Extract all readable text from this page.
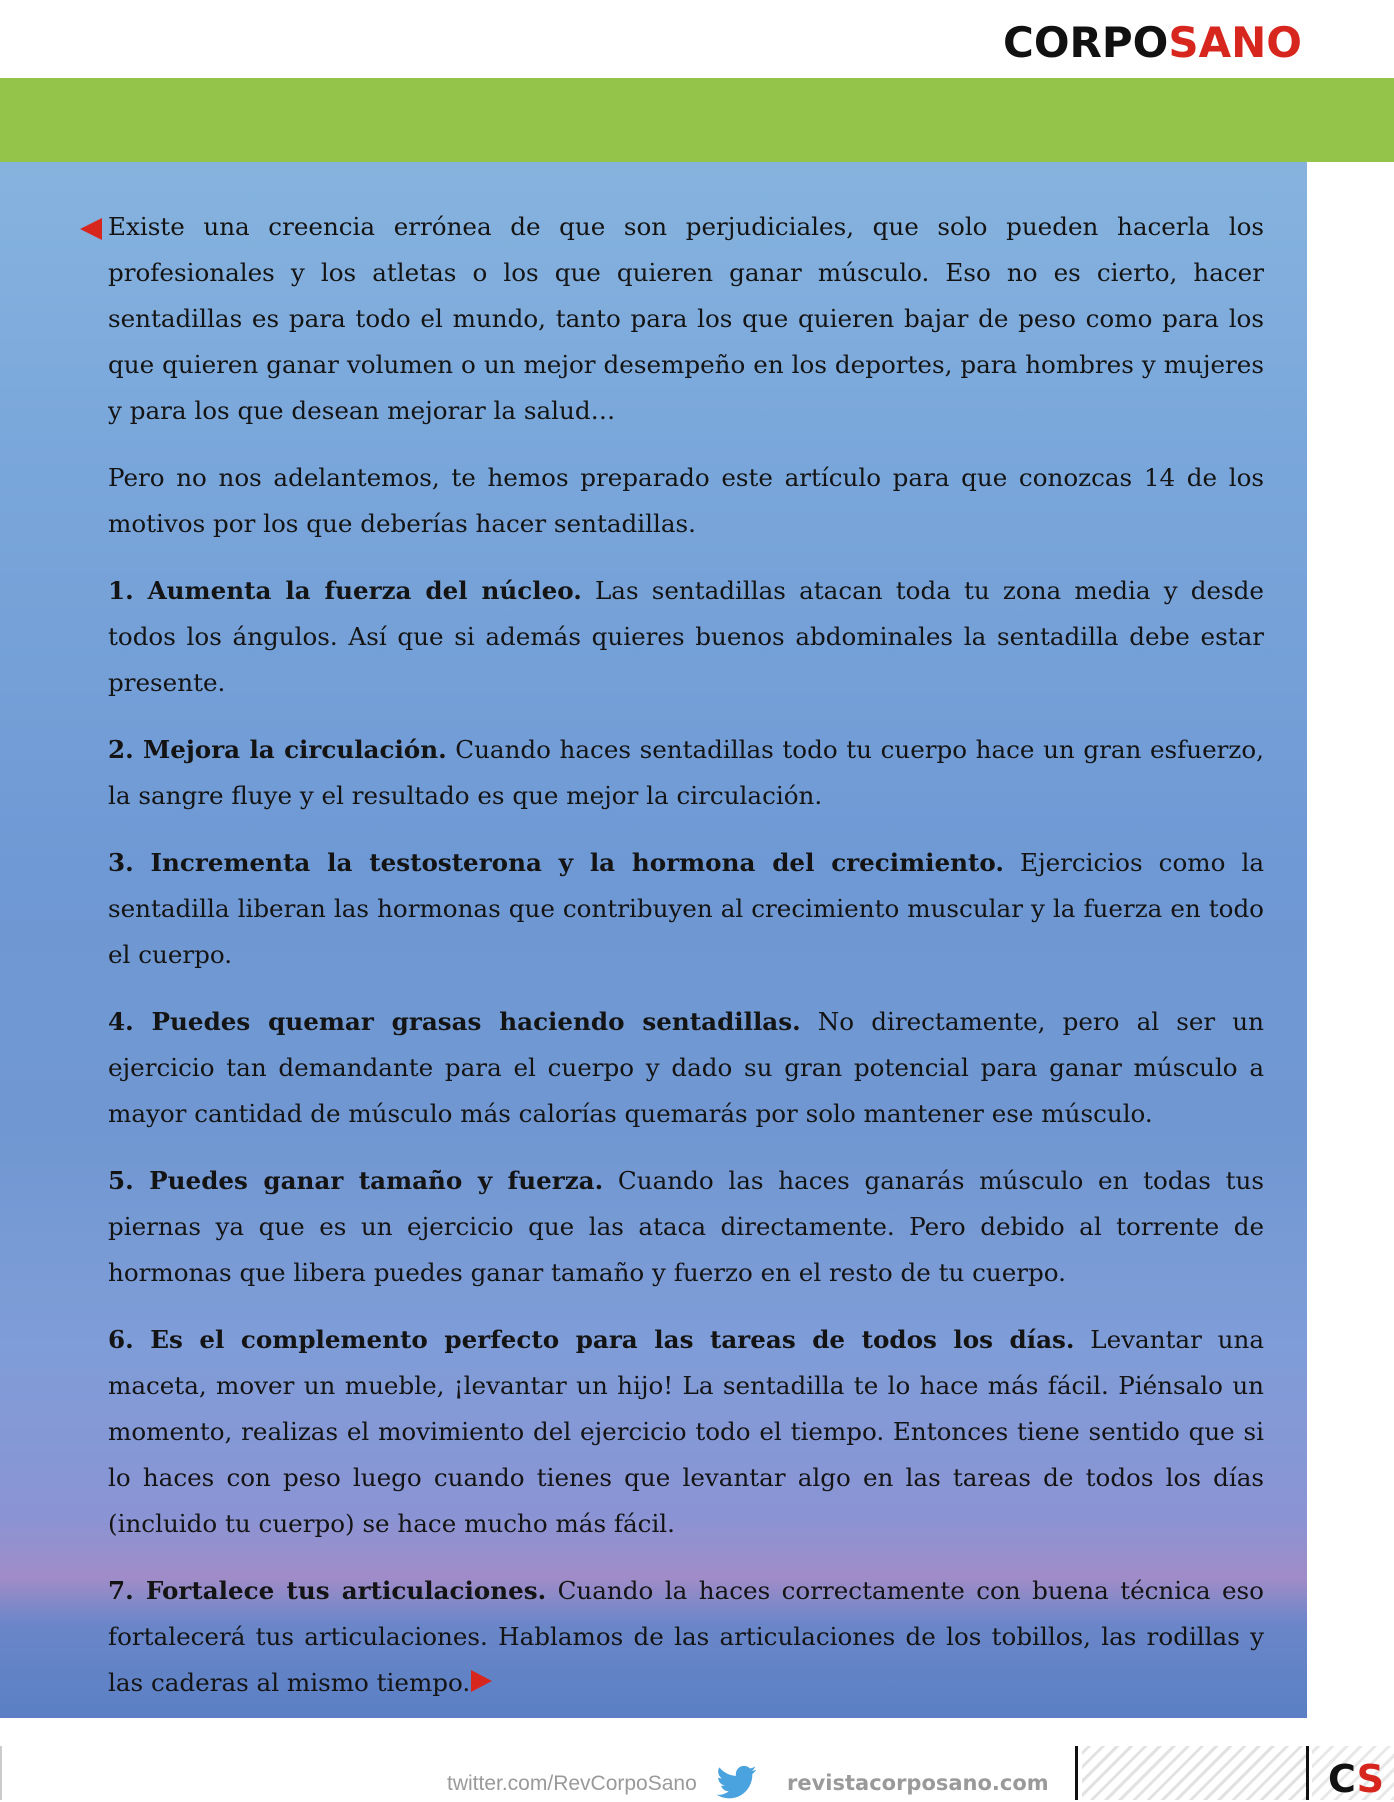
CORPOSANO

Existe una creencia errónea de que son perjudiciales, que solo pueden hacerla los profesionales y los atletas o los que quieren ganar músculo. Eso no es cierto, hacer sentadillas es para todo el mundo, tanto para los que quieren bajar de peso como para los que quieren ganar volumen o un mejor desempeño en los deportes, para hombres y mujeres y para los que desean mejorar la salud…

Pero no nos adelantemos, te hemos preparado este artículo para que conozcas 14 de los motivos por los que deberías hacer sentadillas.

1. Aumenta la fuerza del núcleo. Las sentadillas atacan toda tu zona media y desde todos los ángulos. Así que si además quieres buenos abdominales la sentadilla debe estar presente.

2. Mejora la circulación. Cuando haces sentadillas todo tu cuerpo hace un gran esfuerzo, la sangre fluye y el resultado es que mejor la circulación.

3. Incrementa la testosterona y la hormona del crecimiento. Ejercicios como la sentadilla liberan las hormonas que contribuyen al crecimiento muscular y la fuerza en todo el cuerpo.

4. Puedes quemar grasas haciendo sentadillas. No directamente, pero al ser un ejercicio tan demandante para el cuerpo y dado su gran potencial para ganar músculo a mayor cantidad de músculo más calorías quemarás por solo mantener ese músculo.

5. Puedes ganar tamaño y fuerza. Cuando las haces ganarás músculo en todas tus piernas ya que es un ejercicio que las ataca directamente. Pero debido al torrente de hormonas que libera puedes ganar tamaño y fuerzo en el resto de tu cuerpo.

6. Es el complemento perfecto para las tareas de todos los días. Levantar una maceta, mover un mueble, ¡levantar un hijo! La sentadilla te lo hace más fácil. Piénsalo un momento, realizas el movimiento del ejercicio todo el tiempo. Entonces tiene sentido que si lo haces con peso luego cuando tienes que levantar algo en las tareas de todos los días (incluido tu cuerpo) se hace mucho más fácil.

7. Fortalece tus articulaciones. Cuando la haces correctamente con buena técnica eso fortalecerá tus articulaciones. Hablamos de las articulaciones de los tobillos, las rodillas y las caderas al mismo tiempo.

twitter.com/RevCorpoSano	revistacorposano.com	CS
